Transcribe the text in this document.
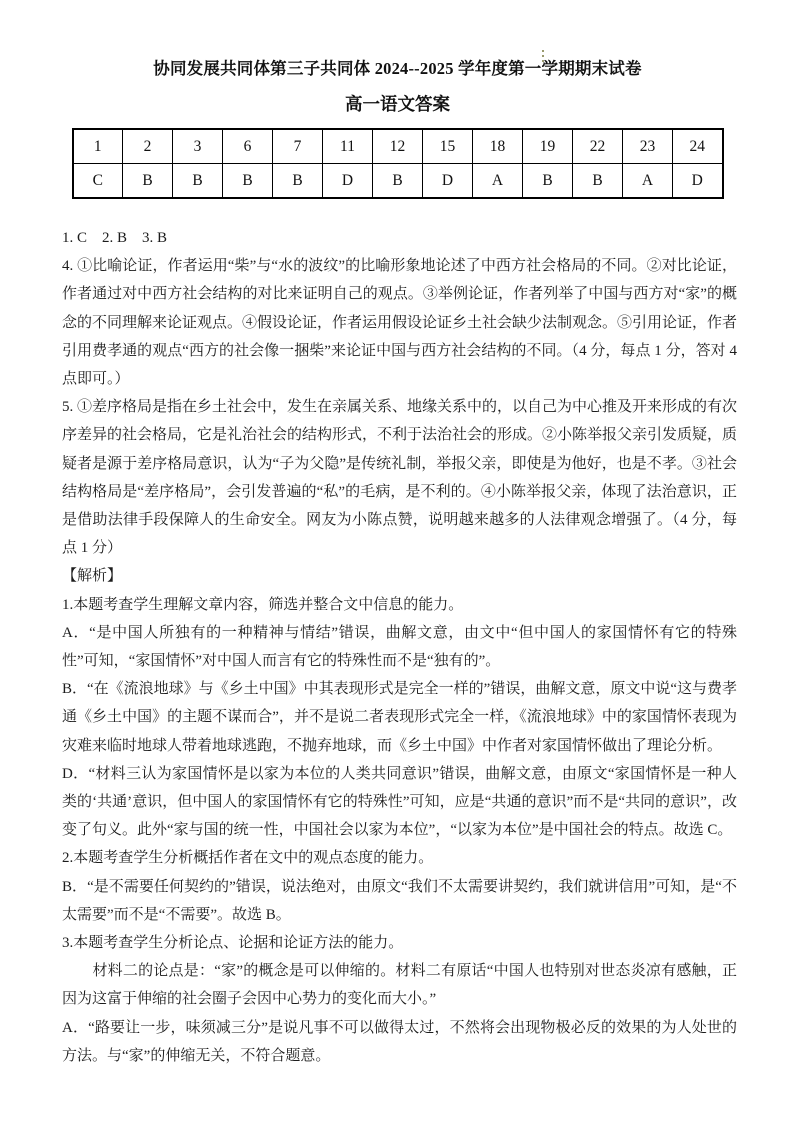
协同发展共同体第三子共同体 2024--2025 学年度第一学期期末试卷
高一语文答案
1	2	3	6	7	11	12	15	18	19	22	23	24
C	B	B	B	B	D	B	D	A	B	B	A	D

1. C    2. B    3. B

4. ①比喻论证，作者运用“柴”与“水的波纹”的比喻形象地论述了中西方社会格局的不同。②对比论证，作者通过对中西方社会结构的对比来证明自己的观点。③举例论证，作者列举了中国与西方对“家”的概念的不同理解来论证观点。④假设论证，作者运用假设论证乡土社会缺少法制观念。⑤引用论证，作者引用费孝通的观点“西方的社会像一捆柴”来论证中国与西方社会结构的不同。（4 分，每点 1 分，答对 4 点即可。）

5. ①差序格局是指在乡土社会中，发生在亲属关系、地缘关系中的，以自己为中心推及开来形成的有次序差异的社会格局，它是礼治社会的结构形式，不利于法治社会的形成。②小陈举报父亲引发质疑，质疑者是源于差序格局意识，认为“子为父隐”是传统礼制，举报父亲，即使是为他好，也是不孝。③社会结构格局是“差序格局”，会引发普遍的“私”的毛病，是不利的。④小陈举报父亲，体现了法治意识，正是借助法律手段保障人的生命安全。网友为小陈点赞，说明越来越多的人法律观念增强了。（4 分，每点 1 分）

【解析】

1.本题考查学生理解文章内容，筛选并整合文中信息的能力。

A．“是中国人所独有的一种精神与情结”错误，曲解文意，由文中“但中国人的家国情怀有它的特殊性”可知，“家国情怀”对中国人而言有它的特殊性而不是“独有的”。

B．“在《流浪地球》与《乡土中国》中其表现形式是完全一样的”错误，曲解文意，原文中说“这与费孝通《乡土中国》的主题不谋而合”，并不是说二者表现形式完全一样，《流浪地球》中的家国情怀表现为灾难来临时地球人带着地球逃跑，不抛弃地球，而《乡土中国》中作者对家国情怀做出了理论分析。

D．“材料三认为家国情怀是以家为本位的人类共同意识”错误，曲解文意，由原文“家国情怀是一种人类的‘共通’意识，但中国人的家国情怀有它的特殊性”可知，应是“共通的意识”而不是“共同的意识”，改变了句义。此外“家与国的统一性，中国社会以家为本位”，“以家为本位”是中国社会的特点。故选 C。

2.本题考查学生分析概括作者在文中的观点态度的能力。

B．“是不需要任何契约的”错误，说法绝对，由原文“我们不太需要讲契约，我们就讲信用”可知，是“不太需要”而不是“不需要”。故选 B。

3.本题考查学生分析论点、论据和论证方法的能力。

　　材料二的论点是：“家”的概念是可以伸缩的。材料二有原话“中国人也特别对世态炎凉有感触，正因为这富于伸缩的社会圈子会因中心势力的变化而大小。”

A．“路要让一步，味须减三分”是说凡事不可以做得太过，不然将会出现物极必反的效果的为人处世的方法。与“家”的伸缩无关，不符合题意。
